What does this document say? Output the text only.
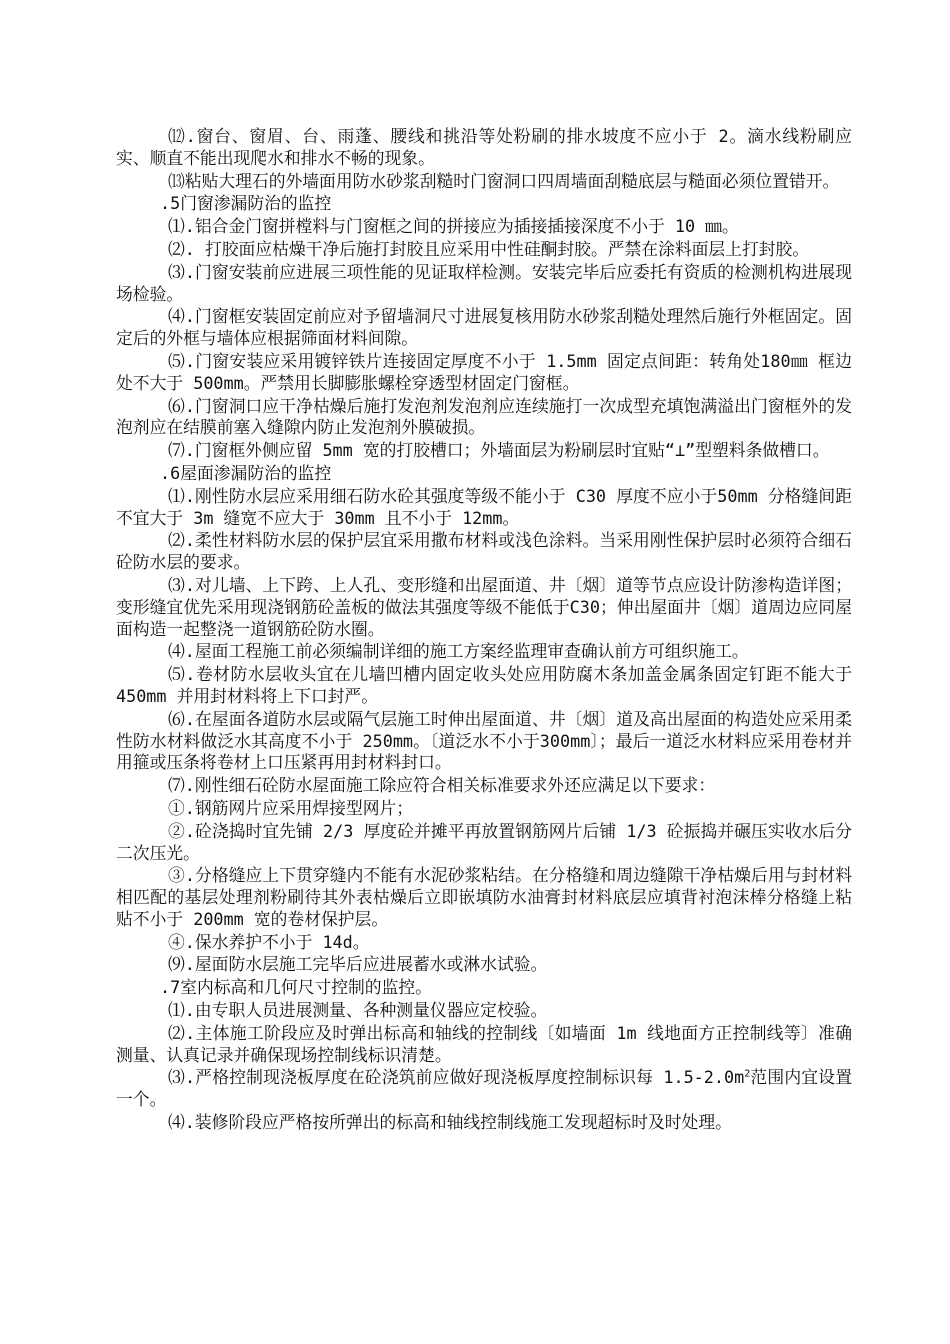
⑿.窗台、窗眉、台、雨蓬、腰线和挑沿等处粉刷的排水坡度不应小于 2。滴水线粉刷应实、顺直不能出现爬水和排水不畅的现象。

⒀粘贴大理石的外墙面用防水砂浆刮糙时门窗洞口四周墙面刮糙底层与糙面必须位置错开。

.5门窗渗漏防治的监控

⑴.铝合金门窗拼樘料与门窗框之间的拼接应为插接插接深度不小于 10 ㎜。

⑵. 打胶面应枯燥干净后施打封胶且应采用中性硅酮封胶。严禁在涂料面层上打封胶。

⑶.门窗安装前应进展三项性能的见证取样检测。安装完毕后应委托有资质的检测机构进展现场检验。

⑷.门窗框安装固定前应对予留墙洞尺寸进展复核用防水砂浆刮糙处理然后施行外框固定。固定后的外框与墙体应根据筛面材料间隙。

⑸.门窗安装应采用镀锌铁片连接固定厚度不小于 1.5mm 固定点间距：转角处180㎜ 框边处不大于 500mm。严禁用长脚膨胀螺栓穿透型材固定门窗框。

⑹.门窗洞口应干净枯燥后施打发泡剂发泡剂应连续施打一次成型充填饱满溢出门窗框外的发泡剂应在结膜前塞入缝隙内防止发泡剂外膜破损。

⑺.门窗框外侧应留 5mm 宽的打胶槽口；外墙面层为粉刷层时宜贴“⊥”型塑料条做槽口。

.6屋面渗漏防治的监控

⑴.刚性防水层应采用细石防水砼其强度等级不能小于 C30 厚度不应小于50mm 分格缝间距不宜大于 3m 缝宽不应大于 30mm 且不小于 12mm。

⑵.柔性材料防水层的保护层宜采用撒布材料或浅色涂料。当采用刚性保护层时必须符合细石砼防水层的要求。

⑶.对儿墙、上下跨、上人孔、变形缝和出屋面道、井〔烟〕道等节点应设计防渗构造详图；变形缝宜优先采用现浇钢筋砼盖板的做法其强度等级不能低于C30；伸出屋面井〔烟〕道周边应同屋面构造一起整浇一道钢筋砼防水圈。

⑷.屋面工程施工前必须编制详细的施工方案经监理审查确认前方可组织施工。

⑸.卷材防水层收头宜在儿墙凹槽内固定收头处应用防腐木条加盖金属条固定钉距不能大于 450mm 并用封材料将上下口封严。

⑹.在屋面各道防水层或隔气层施工时伸出屋面道、井〔烟〕道及高出屋面的构造处应采用柔性防水材料做泛水其高度不小于 250mm。〔道泛水不小于300mm〕；最后一道泛水材料应采用卷材并用箍或压条将卷材上口压紧再用封材料封口。

⑺.刚性细石砼防水屋面施工除应符合相关标准要求外还应满足以下要求：

①.钢筋网片应采用焊接型网片；

②.砼浇捣时宜先铺 2/3 厚度砼并摊平再放置钢筋网片后铺 1/3 砼振捣并碾压实收水后分二次压光。

③.分格缝应上下贯穿缝内不能有水泥砂浆粘结。在分格缝和周边缝隙干净枯燥后用与封材料相匹配的基层处理剂粉刷待其外表枯燥后立即嵌填防水油膏封材料底层应填背衬泡沫棒分格缝上粘贴不小于 200mm 宽的卷材保护层。

④.保水养护不小于 14d。

⑼.屋面防水层施工完毕后应进展蓄水或淋水试验。

.7室内标高和几何尺寸控制的监控。

⑴.由专职人员进展测量、各种测量仪器应定校验。

⑵.主体施工阶段应及时弹出标高和轴线的控制线〔如墙面 1m 线地面方正控制线等〕准确测量、认真记录并确保现场控制线标识清楚。

⑶.严格控制现浇板厚度在砼浇筑前应做好现浇板厚度控制标识每 $1.5-2.0m^2$范围内宜设置一个。

⑷.装修阶段应严格按所弹出的标高和轴线控制线施工发现超标时及时处理。
